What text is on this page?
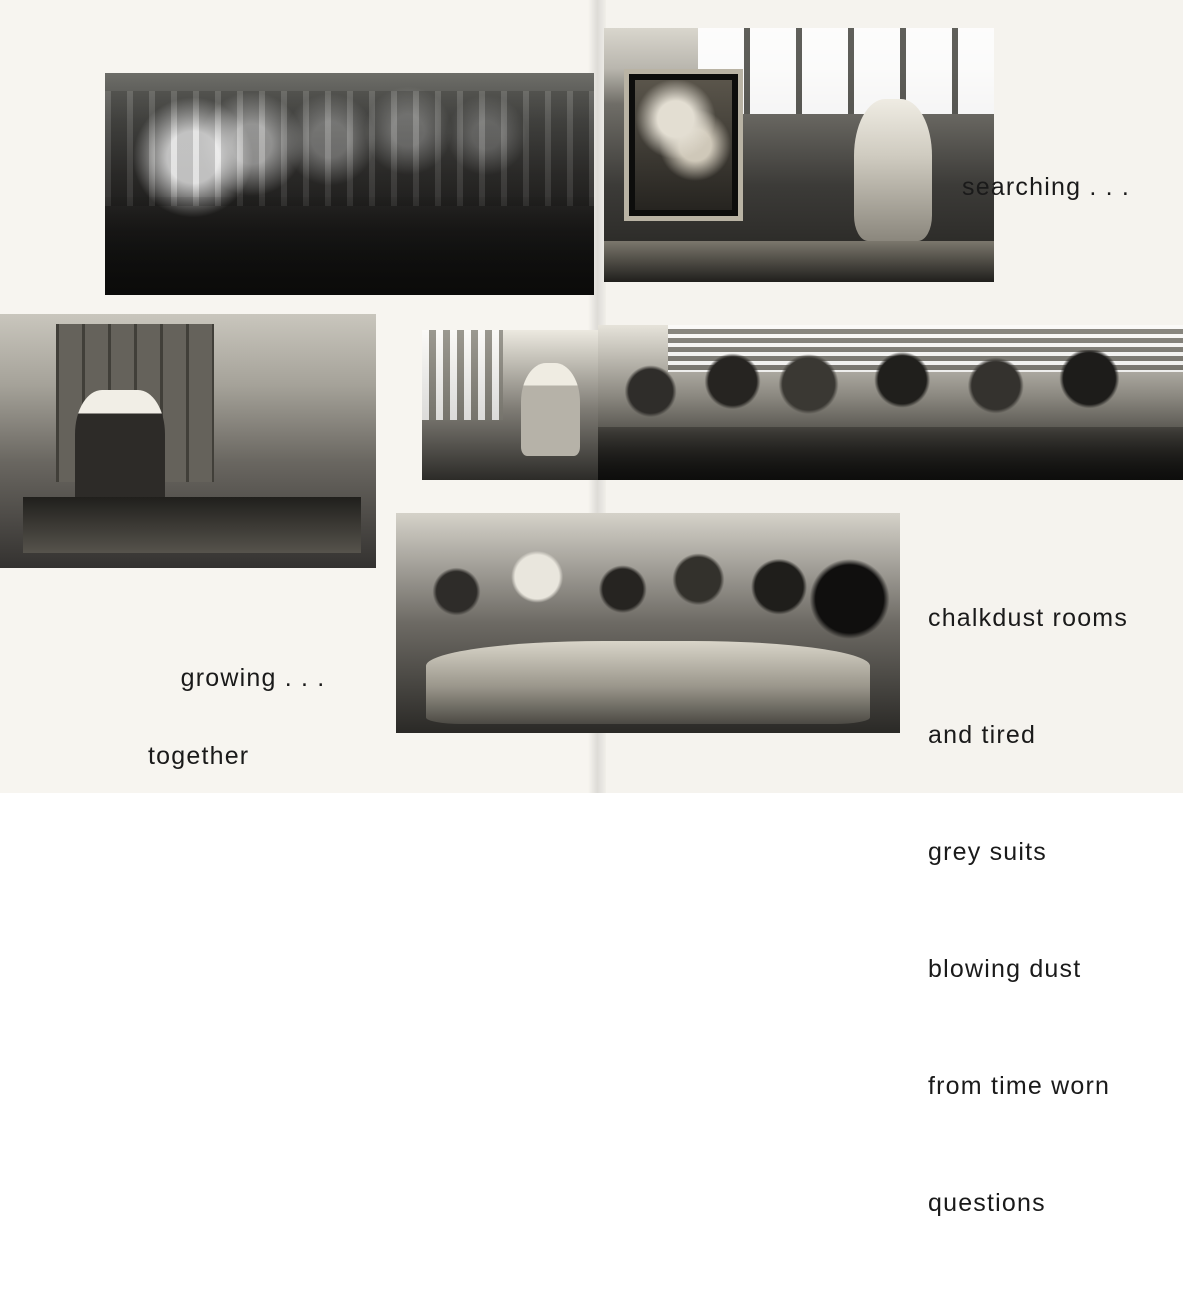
searching . . .

growing . . .

together

chalkdust rooms

and tired

grey suits

blowing dust

from time worn

questions
